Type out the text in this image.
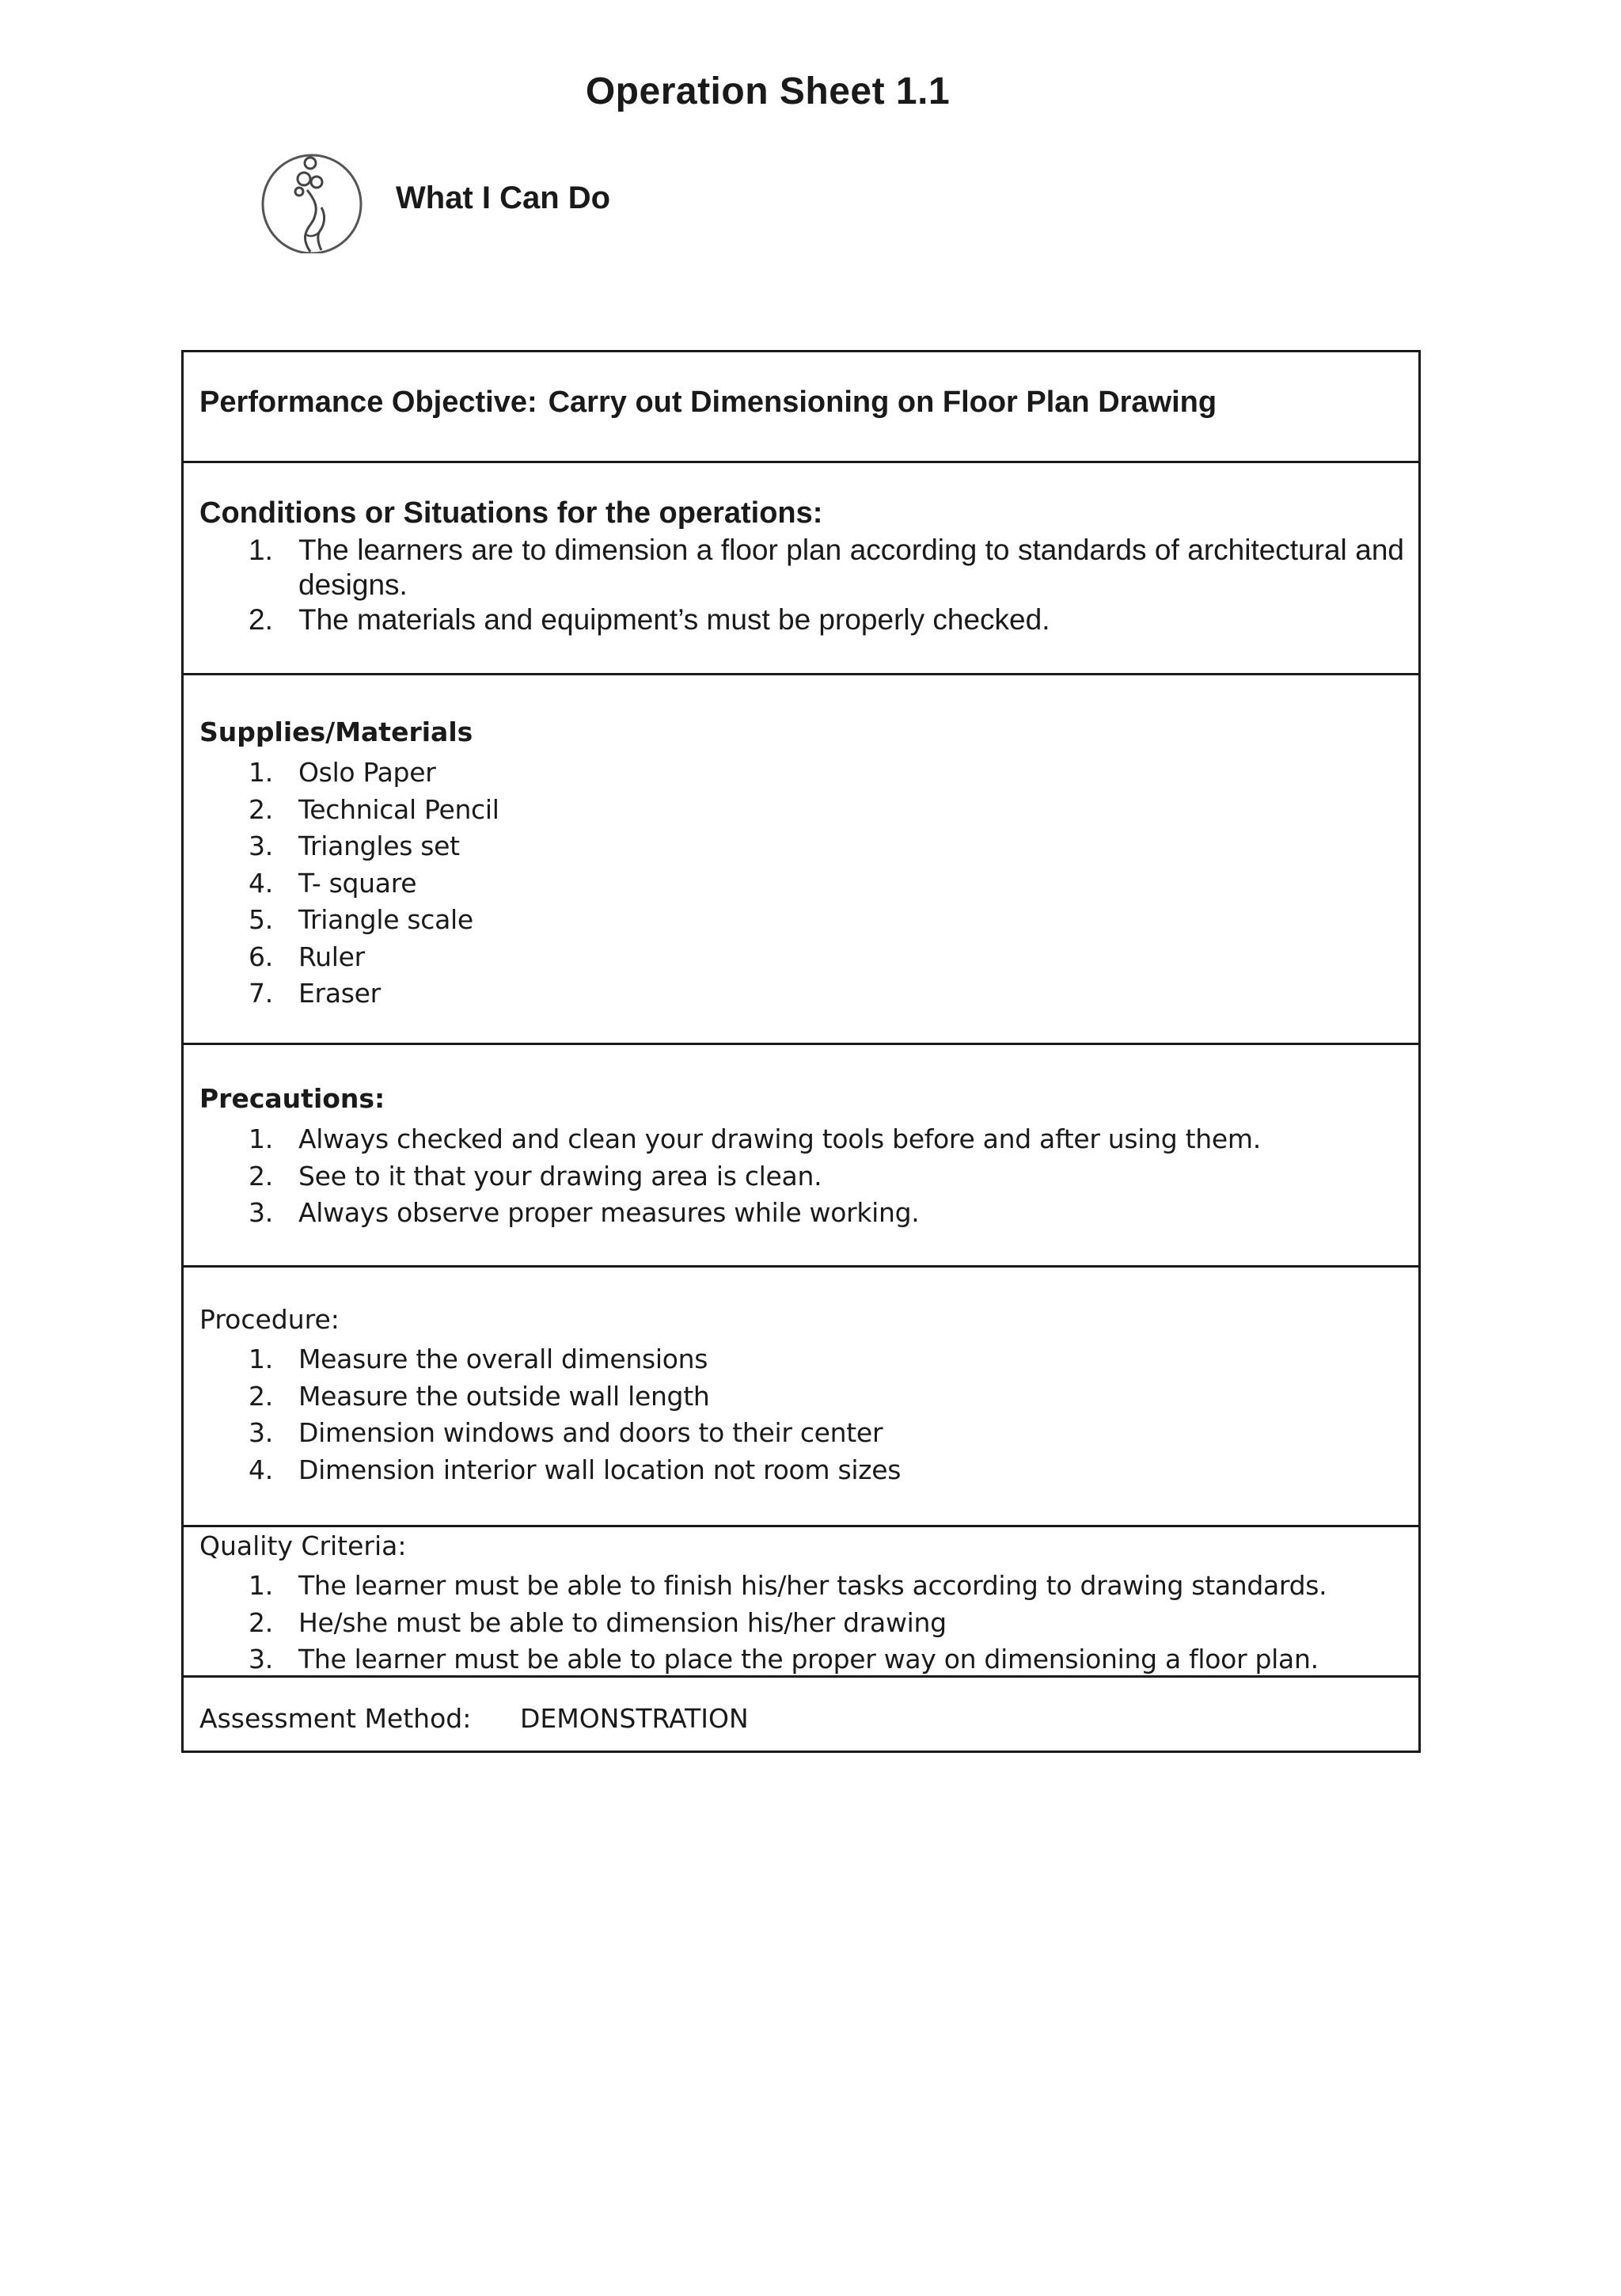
Operation Sheet 1.1
What I Can Do
Performance Objective: Carry out Dimensioning on Floor Plan Drawing
Conditions or Situations for the operations:
1. The learners are to dimension a floor plan according to standards of architectural and designs.
2. The materials and equipment’s must be properly checked.
Supplies/Materials
1. Oslo Paper
2. Technical Pencil
3. Triangles set
4. T- square
5. Triangle scale
6. Ruler
7. Eraser
Precautions:
1. Always checked and clean your drawing tools before and after using them.
2. See to it that your drawing area is clean.
3. Always observe proper measures while working.
Procedure:
1. Measure the overall dimensions
2. Measure the outside wall length
3. Dimension windows and doors to their center
4. Dimension interior wall location not room sizes
Quality Criteria:
1. The learner must be able to finish his/her tasks according to drawing standards.
2. He/she must be able to dimension his/her drawing
3. The learner must be able to place the proper way on dimensioning a floor plan.
Assessment Method: DEMONSTRATION
